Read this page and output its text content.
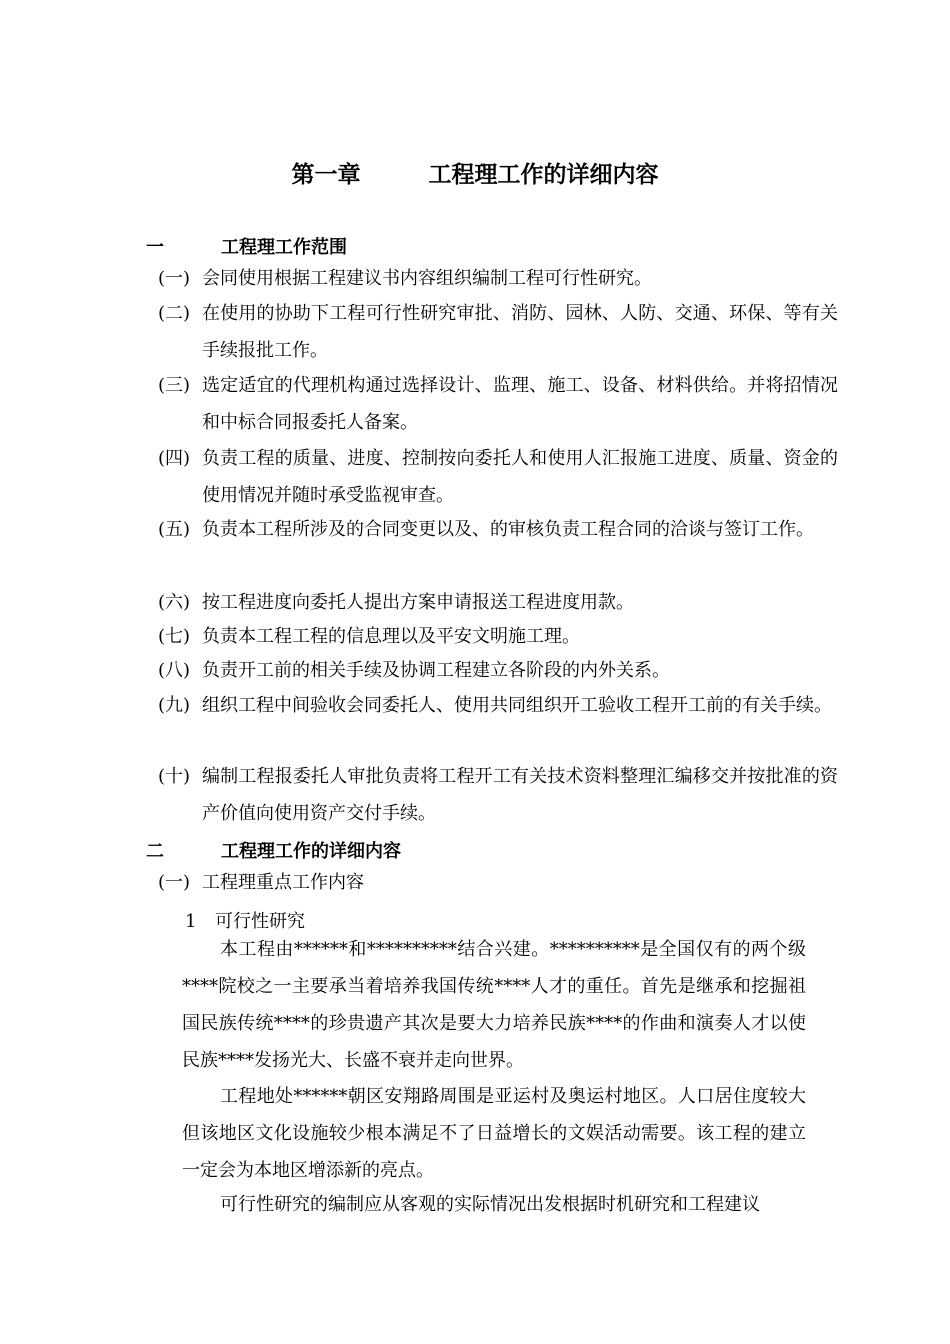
第一章	工程理工作的详细内容
一	工程理工作范围
(一) 会同使用根据工程建议书内容组织编制工程可行性研究。
(二) 在使用的协助下工程可行性研究审批、消防、园林、人防、交通、环保、等有关手续报批工作。
(三) 选定适宜的代理机构通过选择设计、监理、施工、设备、材料供给。并将招情况和中标合同报委托人备案。
(四) 负责工程的质量、进度、控制按向委托人和使用人汇报施工进度、质量、资金的使用情况并随时承受监视审查。
(五) 负责本工程所涉及的合同变更以及、的审核负责工程合同的洽谈与签订工作。
(六) 按工程进度向委托人提出方案申请报送工程进度用款。
(七) 负责本工程工程的信息理以及平安文明施工理。
(八) 负责开工前的相关手续及协调工程建立各阶段的内外关系。
(九) 组织工程中间验收会同委托人、使用共同组织开工验收工程开工前的有关手续。
(十) 编制工程报委托人审批负责将工程开工有关技术资料整理汇编移交并按批准的资产价值向使用资产交付手续。
二	工程理工作的详细内容
(一) 工程理重点工作内容
1 可行性研究
本工程由******和**********结合兴建。**********是全国仅有的两个级****院校之一主要承当着培养我国传统****人才的重任。首先是继承和挖掘祖国民族传统****的珍贵遗产其次是要大力培养民族****的作曲和演奏人才以使民族****发扬光大、长盛不衰并走向世界。
工程地处******朝区安翔路周围是亚运村及奥运村地区。人口居住度较大但该地区文化设施较少根本满足不了日益增长的文娱活动需要。该工程的建立一定会为本地区增添新的亮点。
可行性研究的编制应从客观的实际情况出发根据时机研究和工程建议
